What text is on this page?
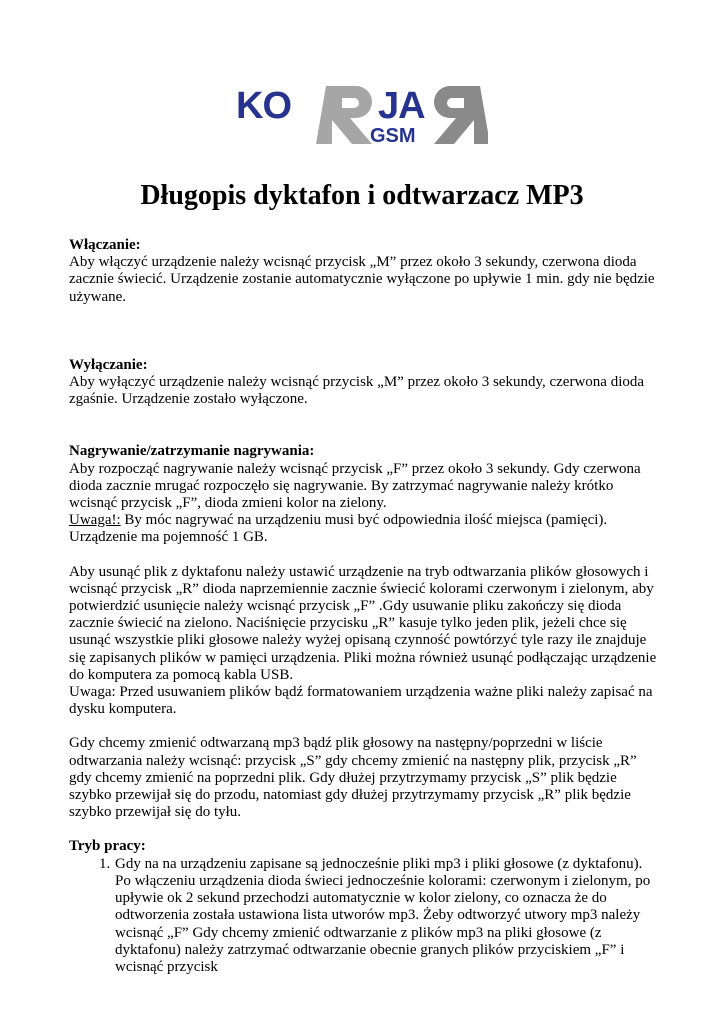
KO JA
GSM
Długopis dyktafon i odtwarzacz MP3

Włączanie:

Aby włączyć urządzenie należy wcisnąć przycisk „M” przez około 3 sekundy, czerwona dioda zacznie świecić. Urządzenie zostanie automatycznie wyłączone po upływie 1 min. gdy nie będzie używane.

Wyłączanie:

Aby wyłączyć urządzenie należy wcisnąć przycisk „M” przez około 3 sekundy, czerwona dioda zgaśnie. Urządzenie zostało wyłączone.

Nagrywanie/zatrzymanie nagrywania:

Aby rozpocząć nagrywanie należy wcisnąć przycisk „F” przez około 3 sekundy. Gdy czerwona dioda zacznie mrugać rozpoczęło się nagrywanie. By zatrzymać nagrywanie należy krótko wcisnąć przycisk „F”, dioda zmieni kolor na zielony.

Uwaga!: By móc nagrywać na urządzeniu musi być odpowiednia ilość miejsca (pamięci). Urządzenie ma pojemność 1 GB.

Aby usunąć plik z dyktafonu należy ustawić urządzenie na tryb odtwarzania plików głosowych i wcisnąć przycisk „R” dioda naprzemiennie zacznie świecić kolorami czerwonym i zielonym, aby potwierdzić usunięcie należy wcisnąć przycisk „F” .Gdy usuwanie pliku zakończy się dioda zacznie świecić na zielono. Naciśnięcie przycisku „R” kasuje tylko jeden plik, jeżeli chce się usunąć wszystkie pliki głosowe należy wyżej opisaną czynność powtórzyć tyle razy ile znajduje się zapisanych plików w pamięci urządzenia. Pliki można również usunąć podłączając urządzenie do komputera za pomocą kabla USB.

Uwaga: Przed usuwaniem plików bądź formatowaniem urządzenia ważne pliki należy zapisać na dysku komputera.

Gdy chcemy zmienić odtwarzaną mp3 bądź plik głosowy na następny/poprzedni w liście odtwarzania należy wcisnąć: przycisk „S” gdy chcemy zmienić na następny plik, przycisk „R” gdy chcemy zmienić na poprzedni plik. Gdy dłużej przytrzymamy przycisk „S” plik będzie szybko przewijał się do przodu, natomiast gdy dłużej przytrzymamy przycisk „R” plik będzie szybko przewijał się do tyłu.

Tryb pracy:

1. Gdy na na urządzeniu zapisane są jednocześnie pliki mp3 i pliki głosowe (z dyktafonu). Po włączeniu urządzenia dioda świeci jednocześnie kolorami: czerwonym i zielonym, po upływie ok 2 sekund przechodzi automatycznie w kolor zielony, co oznacza że do odtworzenia została ustawiona lista utworów mp3. Żeby odtworzyć utwory mp3 należy wcisnąć „F” Gdy chcemy zmienić odtwarzanie z plików mp3 na pliki głosowe (z dyktafonu) należy zatrzymać odtwarzanie obecnie granych plików przyciskiem „F” i wcisnąć przycisk
